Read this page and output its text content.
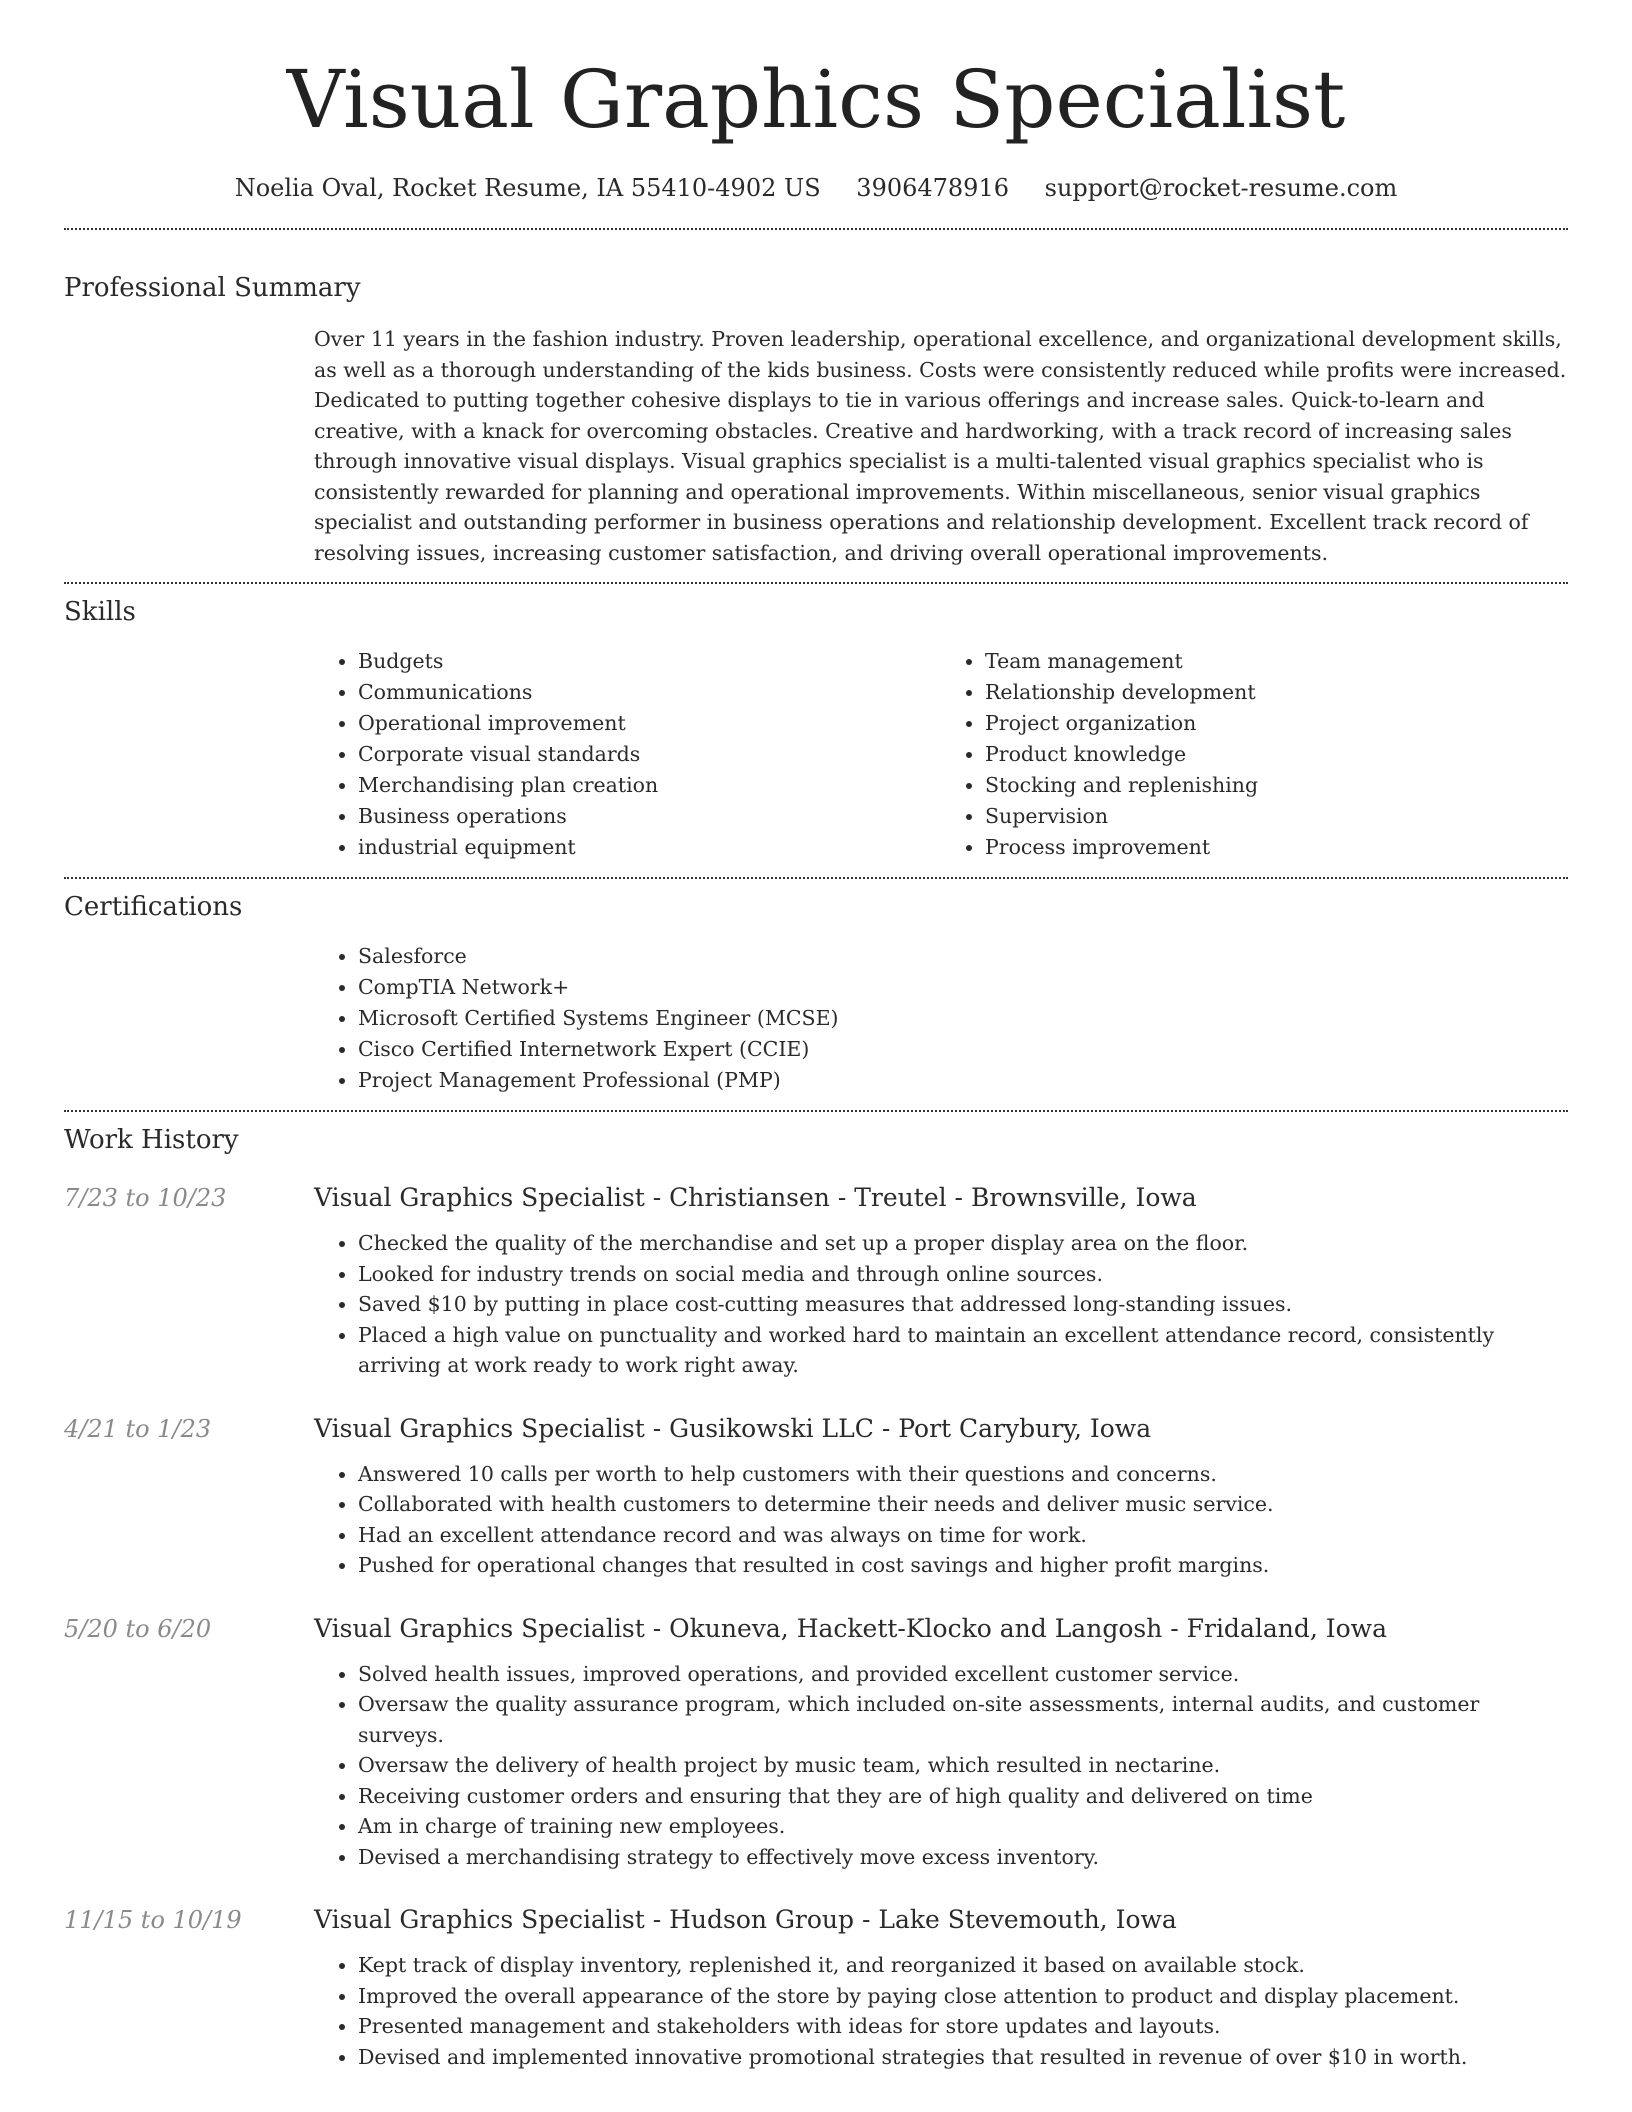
Visual Graphics Specialist
Noelia Oval, Rocket Resume, IA 55410-4902 US 3906478916 support@rocket-resume.com
Professional Summary
Over 11 years in the fashion industry. Proven leadership, operational excellence, and organizational development skills, as well as a thorough understanding of the kids business. Costs were consistently reduced while profits were increased. Dedicated to putting together cohesive displays to tie in various offerings and increase sales. Quick-to-learn and creative, with a knack for overcoming obstacles. Creative and hardworking, with a track record of increasing sales through innovative visual displays. Visual graphics specialist is a multi-talented visual graphics specialist who is consistently rewarded for planning and operational improvements. Within miscellaneous, senior visual graphics specialist and outstanding performer in business operations and relationship development. Excellent track record of resolving issues, increasing customer satisfaction, and driving overall operational improvements.
Skills
• Budgets
• Communications
• Operational improvement
• Corporate visual standards
• Merchandising plan creation
• Business operations
• industrial equipment
• Team management
• Relationship development
• Project organization
• Product knowledge
• Stocking and replenishing
• Supervision
• Process improvement
Certifications
• Salesforce
• CompTIA Network+
• Microsoft Certified Systems Engineer (MCSE)
• Cisco Certified Internetwork Expert (CCIE)
• Project Management Professional (PMP)
Work History
7/23 to 10/23	Visual Graphics Specialist - Christiansen - Treutel - Brownsville, Iowa
• Checked the quality of the merchandise and set up a proper display area on the floor.
• Looked for industry trends on social media and through online sources.
• Saved $10 by putting in place cost-cutting measures that addressed long-standing issues.
• Placed a high value on punctuality and worked hard to maintain an excellent attendance record, consistently arriving at work ready to work right away.
4/21 to 1/23	Visual Graphics Specialist - Gusikowski LLC - Port Carybury, Iowa
• Answered 10 calls per worth to help customers with their questions and concerns.
• Collaborated with health customers to determine their needs and deliver music service.
• Had an excellent attendance record and was always on time for work.
• Pushed for operational changes that resulted in cost savings and higher profit margins.
5/20 to 6/20	Visual Graphics Specialist - Okuneva, Hackett-Klocko and Langosh - Fridaland, Iowa
• Solved health issues, improved operations, and provided excellent customer service.
• Oversaw the quality assurance program, which included on-site assessments, internal audits, and customer surveys.
• Oversaw the delivery of health project by music team, which resulted in nectarine.
• Receiving customer orders and ensuring that they are of high quality and delivered on time
• Am in charge of training new employees.
• Devised a merchandising strategy to effectively move excess inventory.
11/15 to 10/19	Visual Graphics Specialist - Hudson Group - Lake Stevemouth, Iowa
• Kept track of display inventory, replenished it, and reorganized it based on available stock.
• Improved the overall appearance of the store by paying close attention to product and display placement.
• Presented management and stakeholders with ideas for store updates and layouts.
• Devised and implemented innovative promotional strategies that resulted in revenue of over $10 in worth.
